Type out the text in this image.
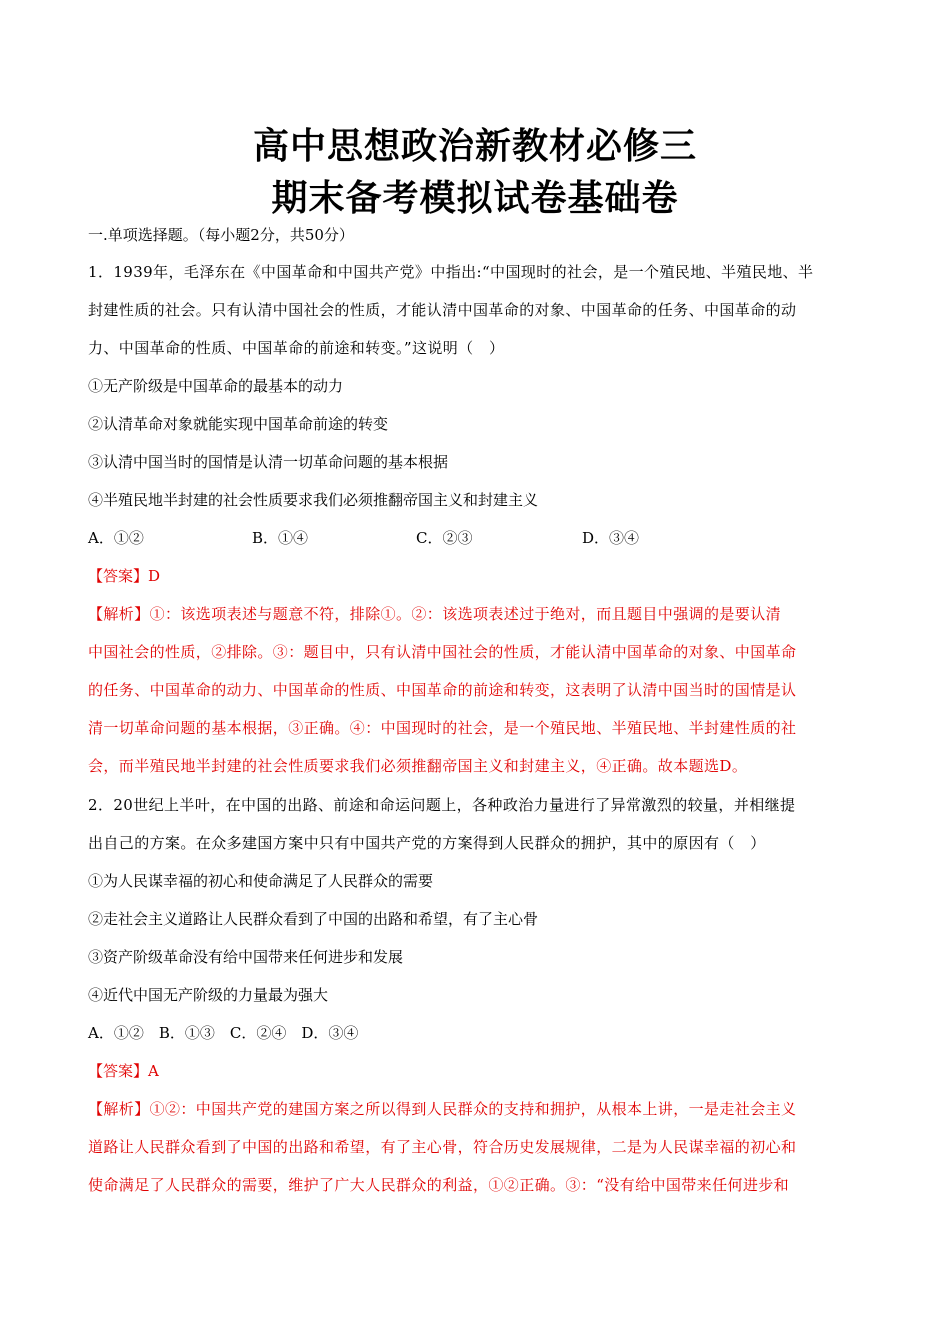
高中思想政治新教材必修三
期末备考模拟试卷基础卷
一.单项选择题。（每小题2分，共50分）
1．1939年，毛泽东在《中国革命和中国共产党》中指出:“中国现时的社会，是一个殖民地、半殖民地、半
封建性质的社会。只有认清中国社会的性质，才能认清中国革命的对象、中国革命的任务、中国革命的动
力、中国革命的性质、中国革命的前途和转变。”这说明（　）
①无产阶级是中国革命的最基本的动力
②认清革命对象就能实现中国革命前途的转变
③认清中国当时的国情是认清一切革命问题的基本根据
④半殖民地半封建的社会性质要求我们必须推翻帝国主义和封建主义
A．①②	B．①④	C．②③	D．③④
【答案】D
【解析】①：该选项表述与题意不符，排除①。②：该选项表述过于绝对，而且题目中强调的是要认清
中国社会的性质，②排除。③：题目中，只有认清中国社会的性质，才能认清中国革命的对象、中国革命
的任务、中国革命的动力、中国革命的性质、中国革命的前途和转变，这表明了认清中国当时的国情是认
清一切革命问题的基本根据，③正确。④：中国现时的社会，是一个殖民地、半殖民地、半封建性质的社
会，而半殖民地半封建的社会性质要求我们必须推翻帝国主义和封建主义，④正确。故本题选D。
2．20世纪上半叶，在中国的出路、前途和命运问题上，各种政治力量进行了异常激烈的较量，并相继提
出自己的方案。在众多建国方案中只有中国共产党的方案得到人民群众的拥护，其中的原因有（　）
①为人民谋幸福的初心和使命满足了人民群众的需要
②走社会主义道路让人民群众看到了中国的出路和希望，有了主心骨
③资产阶级革命没有给中国带来任何进步和发展
④近代中国无产阶级的力量最为强大
A．①②　B．①③　C．②④　D．③④
【答案】A
【解析】①②：中国共产党的建国方案之所以得到人民群众的支持和拥护，从根本上讲，一是走社会主义
道路让人民群众看到了中国的出路和希望，有了主心骨，符合历史发展规律，二是为人民谋幸福的初心和
使命满足了人民群众的需要，维护了广大人民群众的利益，①②正确。③：“没有给中国带来任何进步和
